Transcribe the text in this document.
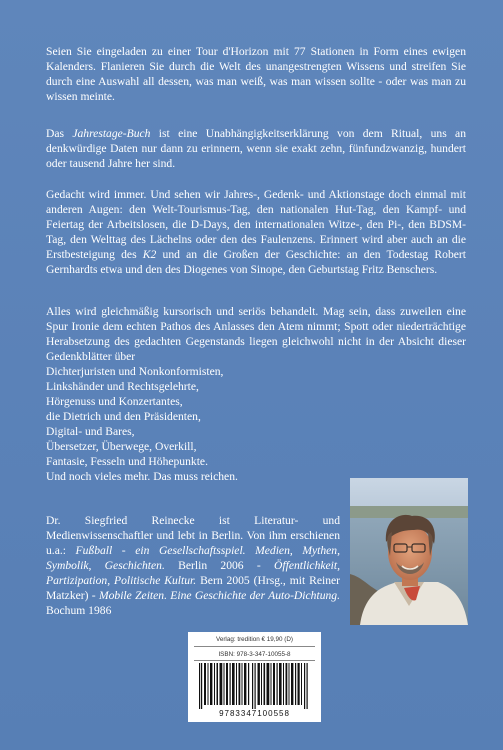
Seien Sie eingeladen zu einer Tour d'Horizon mit 77 Stationen in Form eines ewigen Kalenders. Flanieren Sie durch die Welt des unangestrengten Wissens und streifen Sie durch eine Auswahl all dessen, was man weiß, was man wissen sollte - oder was man zu wissen meinte.
Das Jahrestage-Buch ist eine Unabhängigkeitserklärung von dem Ritual, uns an denkwürdige Daten nur dann zu erinnern, wenn sie exakt zehn, fünfundzwanzig, hundert oder tausend Jahre her sind.
Gedacht wird immer. Und sehen wir Jahres-, Gedenk- und Aktionstage doch einmal mit anderen Augen: den Welt-Tourismus-Tag, den nationalen Hut-Tag, den Kampf- und Feiertag der Arbeitslosen, die D-Days, den internationalen Witze-, den Pi-, den BDSM-Tag, den Welttag des Lächelns oder den des Faulenzens. Erinnert wird aber auch an die Erstbesteigung des K2 und an die Großen der Geschichte: an den Todestag Robert Gernhardts etwa und den des Diogenes von Sinope, den Geburtstag Fritz Benschers.
Alles wird gleichmäßig kursorisch und seriös behandelt. Mag sein, dass zuweilen eine Spur Ironie dem echten Pathos des Anlasses den Atem nimmt; Spott oder niederträchtige Herabsetzung des gedachten Gegenstands liegen gleichwohl nicht in der Absicht dieser Gedenkblätter über
Dichterjuristen und Nonkonformisten,
Linkshänder und Rechtsgelehrte,
Hörgenuss und Konzertantes,
die Dietrich und den Präsidenten,
Digital- und Bares,
Übersetzer, Überwege, Overkill,
Fantasie, Fesseln und Höhepunkte.
Und noch vieles mehr. Das muss reichen.
Dr. Siegfried Reinecke ist Literatur- und Medienwissenschaftler und lebt in Berlin. Von ihm erschienen u.a.: Fußball - ein Gesellschaftsspiel. Medien, Mythen, Symbolik, Geschichten. Berlin 2006 - Öffentlichkeit, Partizipation, Politische Kultur. Bern 2005 (Hrsg., mit Reiner Matzker) - Mobile Zeiten. Eine Geschichte der Auto-Dichtung. Bochum 1986
Verlag: tredition € 19,90 (D)
ISBN: 978-3-347-10055-8
9783347100558
